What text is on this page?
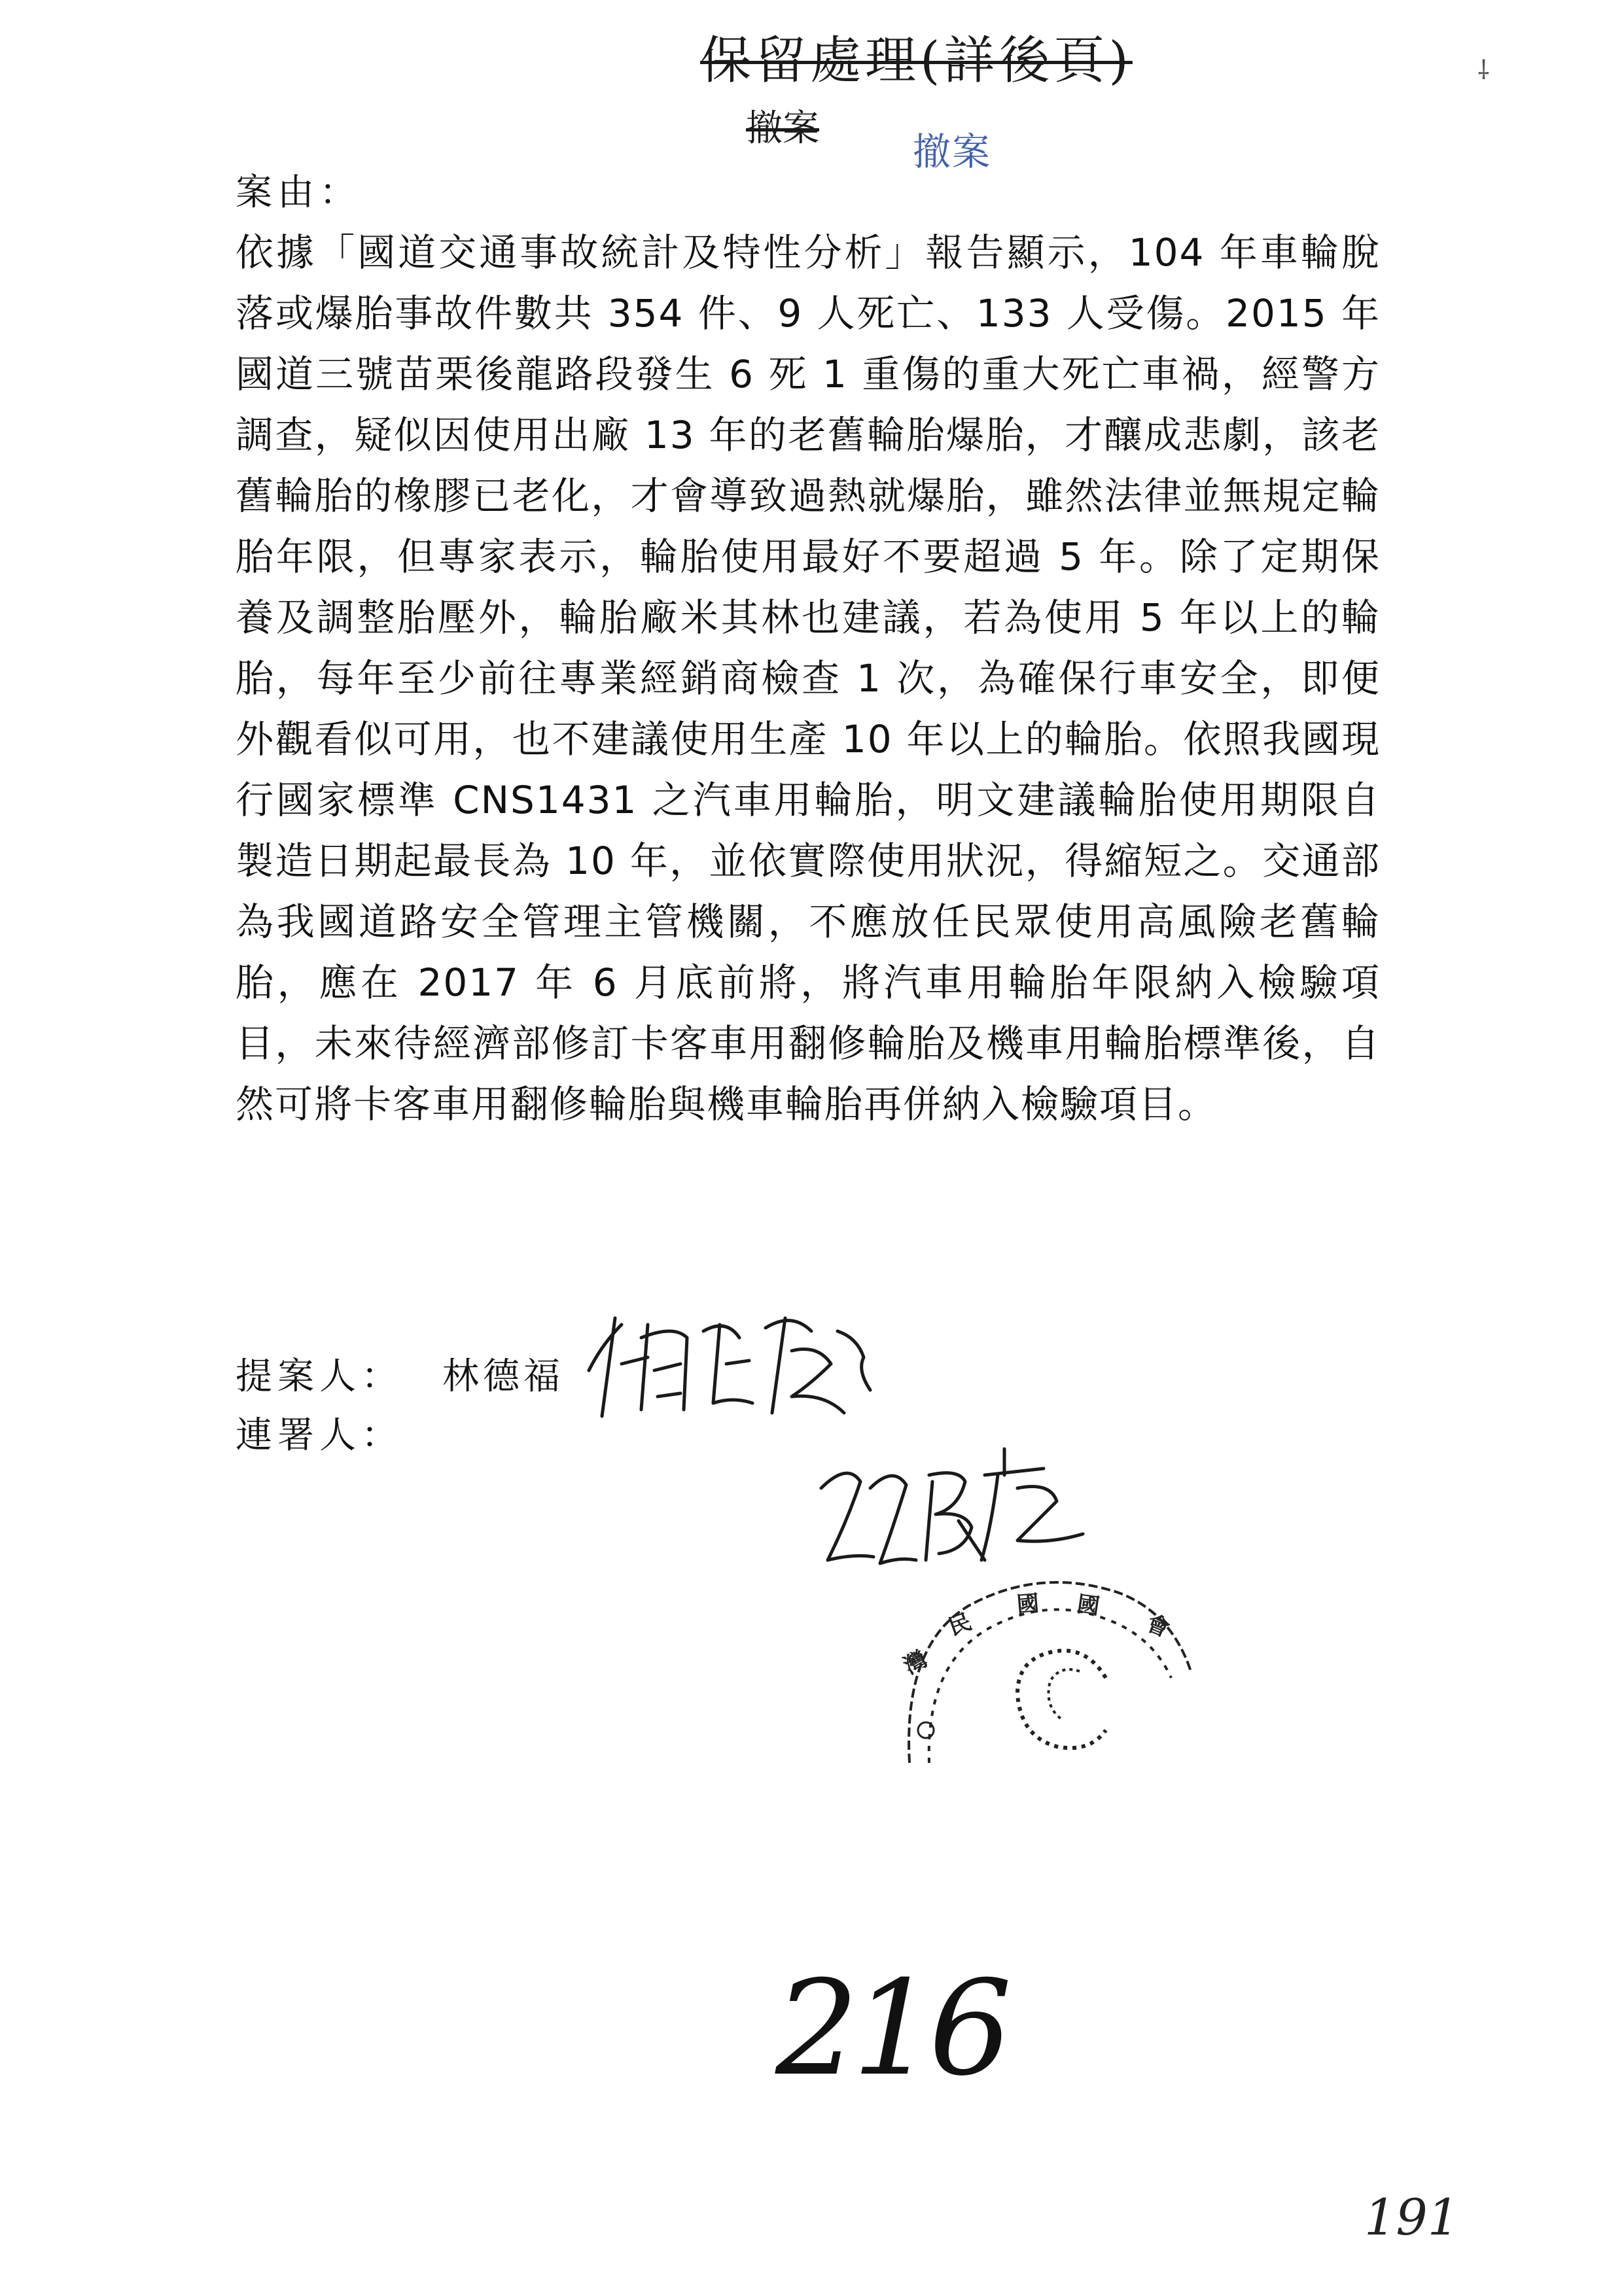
保留處理(詳後頁)
撤案
撤案
⸸
案由：
依據「國道交通事故統計及特性分析」報告顯示，104 年車輪脫落或爆胎事故件數共 354 件、9 人死亡、133 人受傷。2015 年國道三號苗栗後龍路段發生 6 死 1 重傷的重大死亡車禍，經警方調查，疑似因使用出廠 13 年的老舊輪胎爆胎，才釀成悲劇，該老舊輪胎的橡膠已老化，才會導致過熱就爆胎，雖然法律並無規定輪胎年限，但專家表示，輪胎使用最好不要超過 5 年。除了定期保養及調整胎壓外，輪胎廠米其林也建議，若為使用 5 年以上的輪胎，每年至少前往專業經銷商檢查 1 次，為確保行車安全，即便外觀看似可用，也不建議使用生產 10 年以上的輪胎。依照我國現行國家標準 CNS1431 之汽車用輪胎，明文建議輪胎使用期限自製造日期起最長為 10 年，並依實際使用狀況，得縮短之。交通部為我國道路安全管理主管機關，不應放任民眾使用高風險老舊輪胎，應在 2017 年 6 月底前將，將汽車用輪胎年限納入檢驗項目，未來待經濟部修訂卡客車用翻修輪胎及機車用輪胎標準後，自然可將卡客車用翻修輪胎與機車輪胎再併納入檢驗項目。
提案人： 林德福
連署人：
灣
民
國 國
會
216
191
